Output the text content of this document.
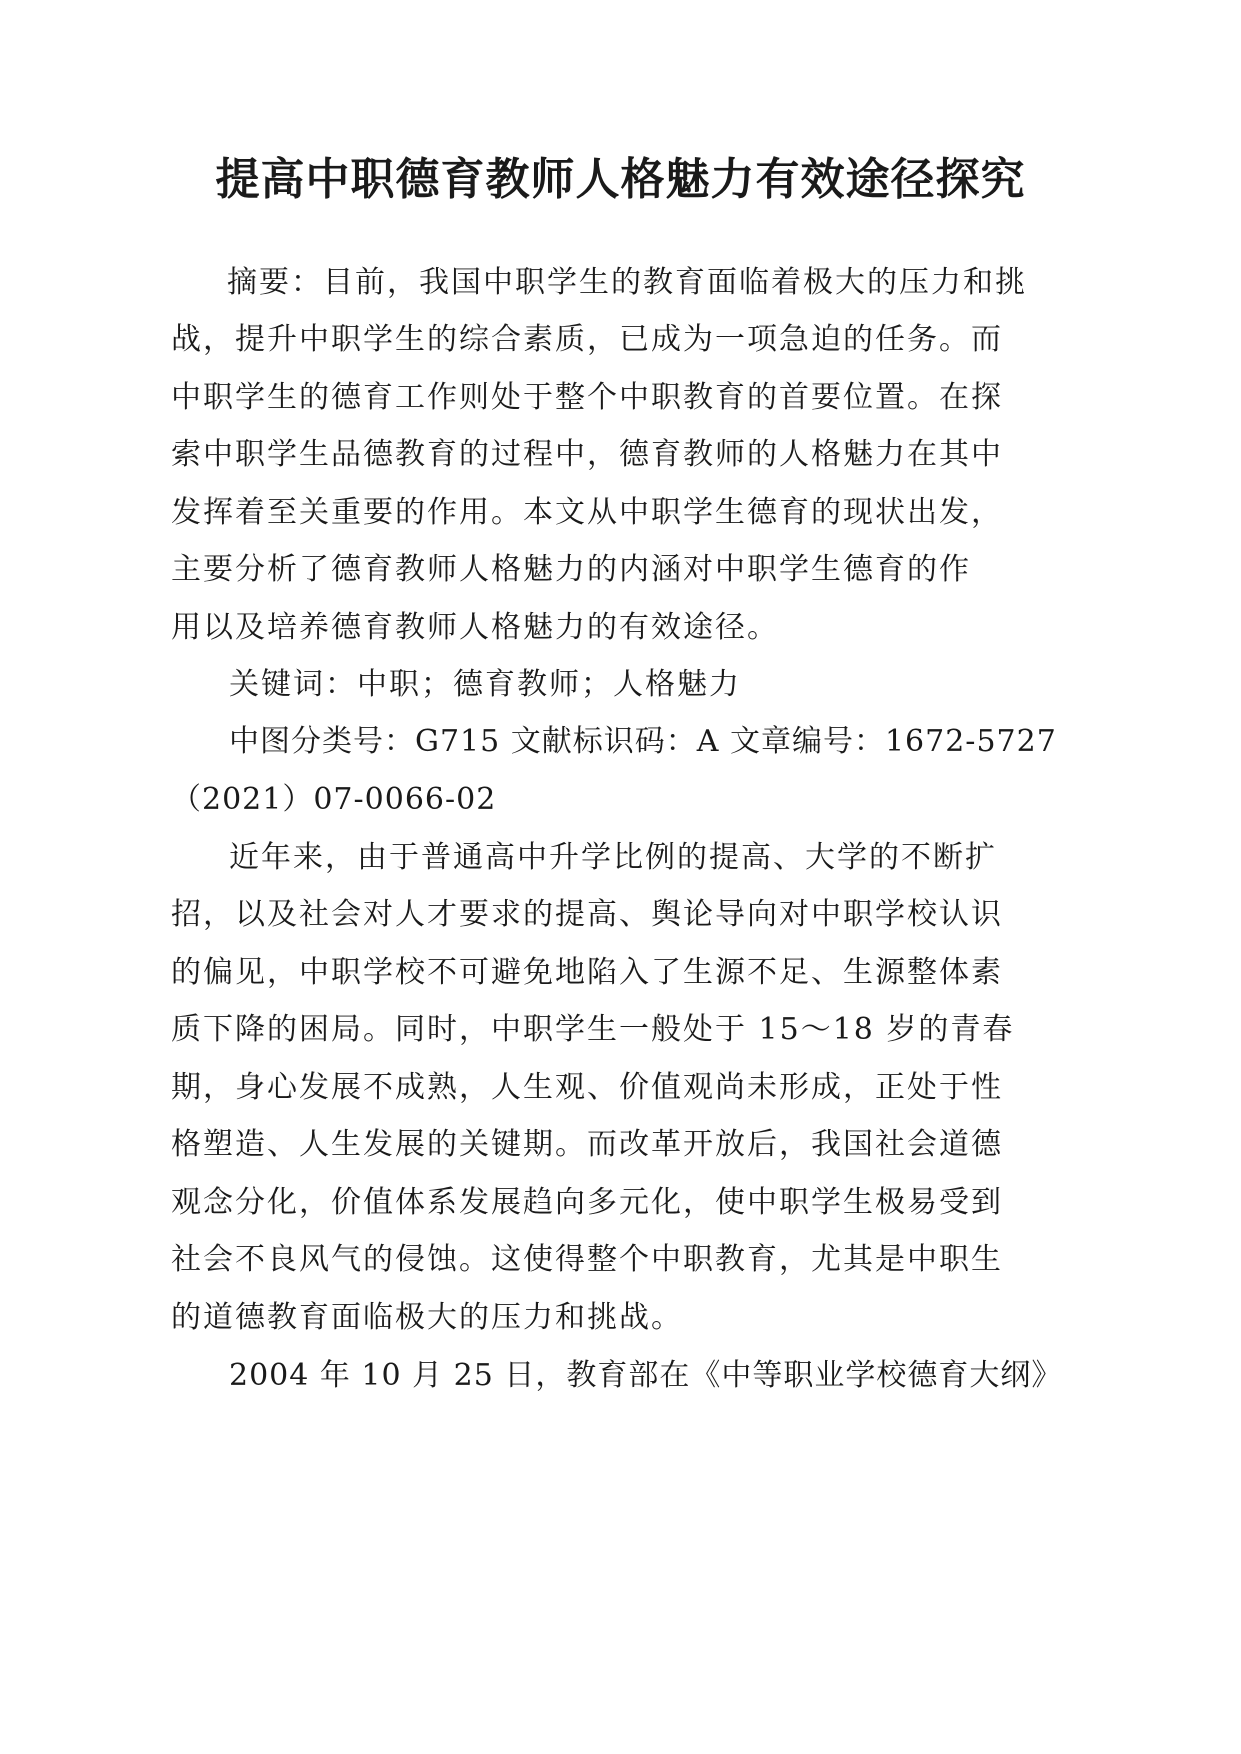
提高中职德育教师人格魅力有效途径探究
摘要：目前，我国中职学生的教育面临着极大的压力和挑
战，提升中职学生的综合素质，已成为一项急迫的任务。而
中职学生的德育工作则处于整个中职教育的首要位置。在探
索中职学生品德教育的过程中，德育教师的人格魅力在其中
发挥着至关重要的作用。本文从中职学生德育的现状出发，
主要分析了德育教师人格魅力的内涵对中职学生德育的作
用以及培养德育教师人格魅力的有效途径。
关键词：中职；德育教师；人格魅力
中图分类号：G715 文献标识码：A 文章编号：1672-5727
（2021）07-0066-02
近年来，由于普通高中升学比例的提高、大学的不断扩
招，以及社会对人才要求的提高、舆论导向对中职学校认识
的偏见，中职学校不可避免地陷入了生源不足、生源整体素
质下降的困局。同时，中职学生一般处于 15～18 岁的青春
期，身心发展不成熟，人生观、价值观尚未形成，正处于性
格塑造、人生发展的关键期。而改革开放后，我国社会道德
观念分化，价值体系发展趋向多元化，使中职学生极易受到
社会不良风气的侵蚀。这使得整个中职教育，尤其是中职生
的道德教育面临极大的压力和挑战。
2004 年 10 月 25 日，教育部在《中等职业学校德育大纲》
